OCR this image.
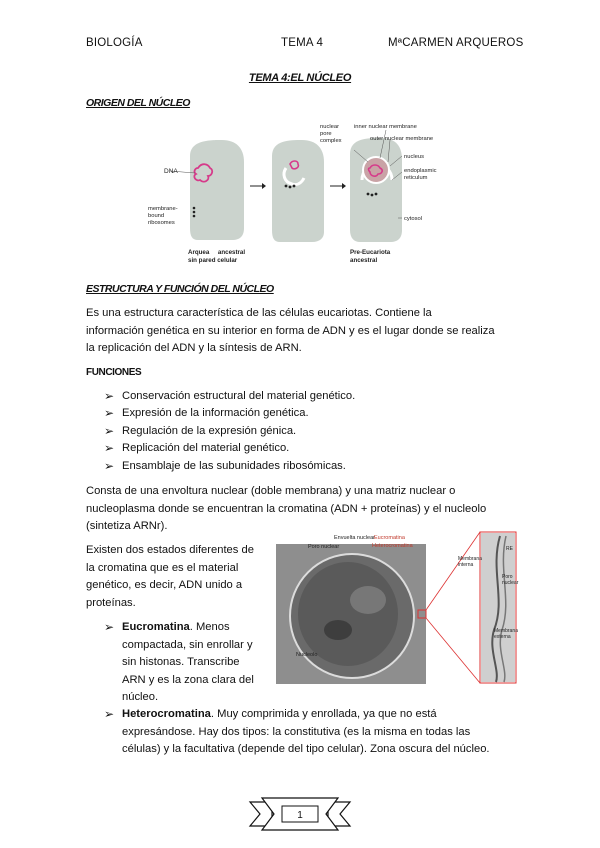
BIOLOGÍA	TEMA 4	MªCARMEN ARQUEROS
TEMA 4:EL NÚCLEO
ORIGEN DEL NÚCLEO
DNA
membrane-
bound
ribosomes
nuclear
pore
complex
inner nuclear membrane
outer nuclear membrane
nucleus
endoplasmic
reticulum
cytosol
Arquea     ancestral
sin pared celular
Pre-Eucariota
ancestral
ESTRUCTURA Y FUNCIÓN DEL NÚCLEO
Es una estructura característica de las células eucariotas. Contiene la
información genética en su interior en forma de ADN y es el lugar donde se realiza
la replicación del ADN y la síntesis de ARN.
FUNCIONES
➢ Conservación estructural del material genético.
➢ Expresión de la información genética.
➢ Regulación de la expresión génica.
➢ Replicación del material genético.
➢ Ensamblaje de las subunidades ribosómicas.
Consta de una envoltura nuclear (doble membrana) y una matriz nuclear o
nucleoplasma donde se encuentran la cromatina (ADN + proteínas) y el nucleolo
(sintetiza ARNr).
Existen dos estados diferentes de
la cromatina que es el material
genético, es decir, ADN unido a
proteínas.
Envuelta nuclear
Poro nuclear
Eucromatina
Heterocromatina
Membrana
interna
RE
Poro
nuclear
Nucleolo
Membrana
externa
➢ Eucromatina. Menos
compactada, sin enrollar y
sin histonas. Transcribe
ARN y es la zona clara del
núcleo.
➢ Heterocromatina. Muy comprimida y enrollada, ya que no está
expresándose. Hay dos tipos: la constitutiva (es la misma en todas las
células) y la facultativa (depende del tipo celular). Zona oscura del núcleo.
1
